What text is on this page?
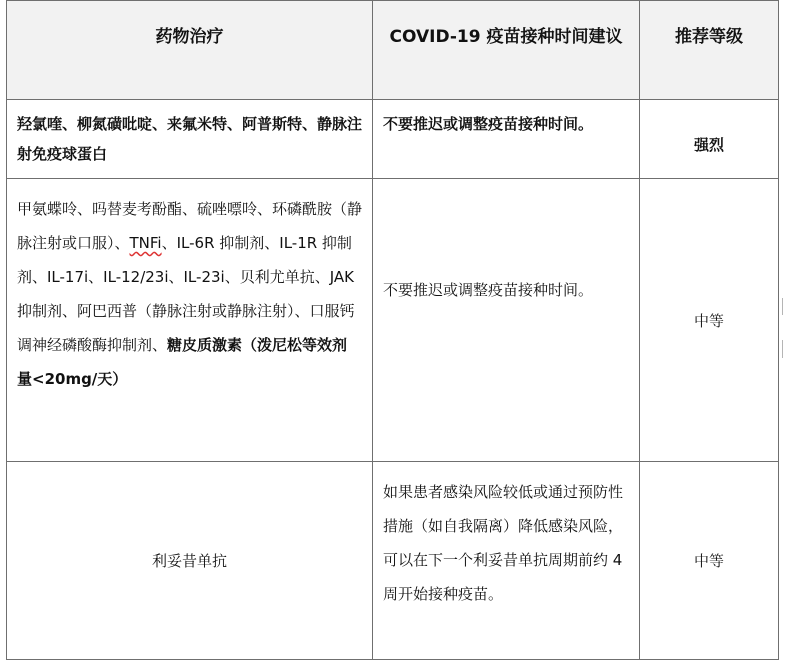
药物治疗	COVID-19 疫苗接种时间建议	推荐等级
羟氯喹、柳氮磺吡啶、来氟米特、阿普斯特、静脉注射免疫球蛋白
不要推迟或调整疫苗接种时间。
强烈
甲氨蝶呤、吗替麦考酚酯、硫唑嘌呤、环磷酰胺（静脉注射或口服）、TNFi、IL-6R 抑制剂、IL-1R 抑制剂、IL-17i、IL-12/23i、IL-23i、贝利尤单抗、JAK 抑制剂、阿巴西普（静脉注射或静脉注射）、口服钙调神经磷酸酶抑制剂、糖皮质激素（泼尼松等效剂量<20mg/天）
不要推迟或调整疫苗接种时间。
中等
利妥昔单抗
如果患者感染风险较低或通过预防性措施（如自我隔离）降低感染风险，可以在下一个利妥昔单抗周期前约 4 周开始接种疫苗。
中等
